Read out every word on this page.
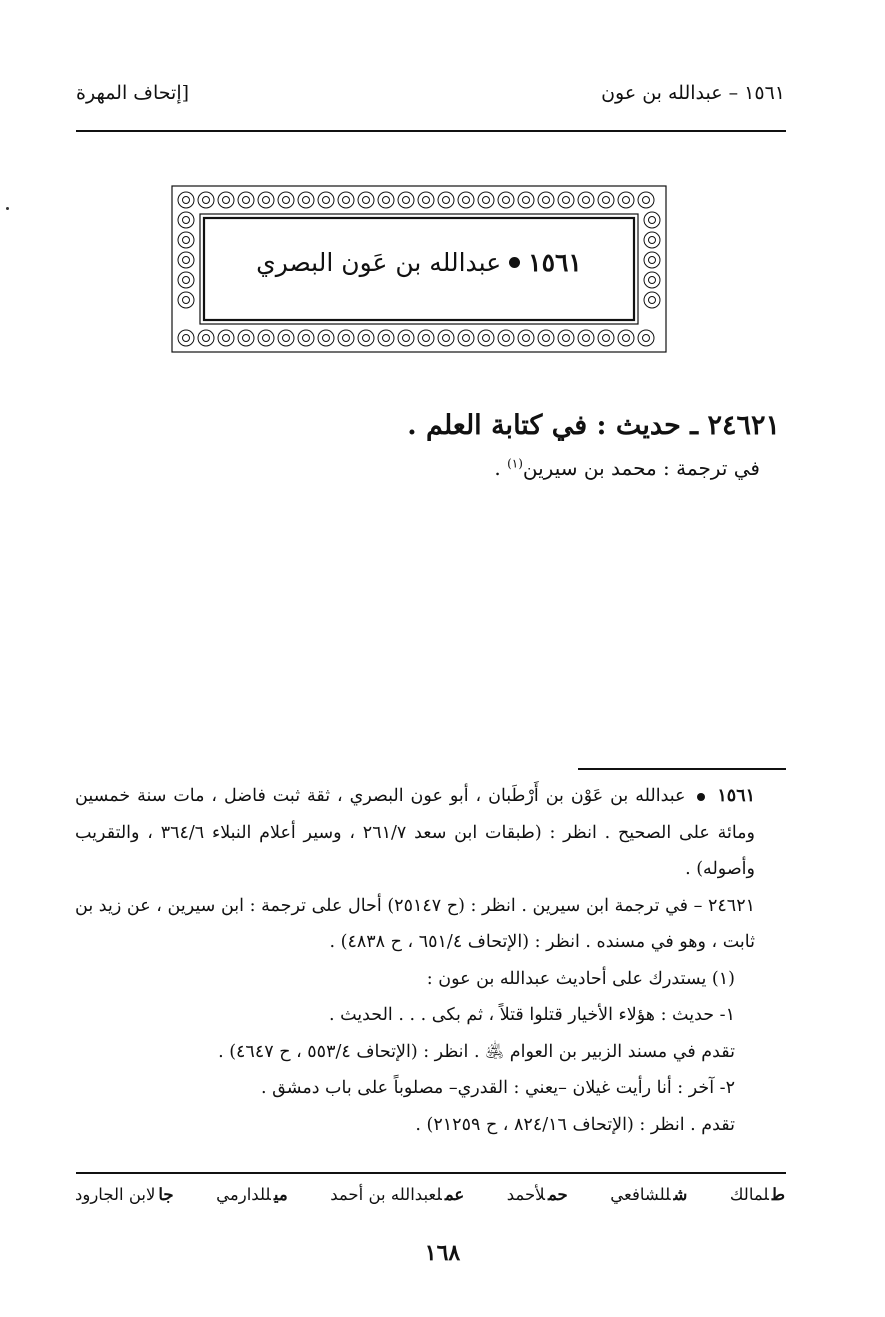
١٥٦١ – عبدالله بن عون
[إتحاف المهرة
١٥٦١
عبدالله بن عَون البصري
٢٤٦٢١ ـ حديث : في كتابة العلم .
في ترجمة : محمد بن سيرين$^{(١)}$ .

١٥٦١  عبدالله بن عَوْن بن أَرْطَبان ، أبو عون البصري ، ثقة ثبت فاضل ، مات سنة خمسين ومائة على الصحيح . انظر : (طبقات ابن سعد ٢٦١/٧ ، وسير أعلام النبلاء ٣٦٤/٦ ، والتقريب وأصوله) .

٢٤٦٢١ – في ترجمة ابن سيرين . انظر : (ح ٢٥١٤٧) أحال على ترجمة : ابن سيرين ، عن زيد بن ثابت ، وهو في مسنده . انظر : (الإتحاف ٦٥١/٤ ، ح ٤٨٣٨) .

(١) يستدرك على أحاديث عبدالله بن عون :

١- حديث : هؤلاء الأخيار قتلوا قتلاً ، ثم بكى . . . الحديث .

تقدم في مسند الزبير بن العوام ﵁ . انظر : (الإتحاف ٥٥٣/٤ ، ح ٤٦٤٧) .

٢- آخر : أنا رأيت غيلان –يعني : القدري– مصلوباً على باب دمشق .

تقدم . انظر : (الإتحاف ٨٢٤/١٦ ، ح ٢١٢٥٩) .

طلمالك
شللشافعي
حملأحمد
عملعبدالله بن أحمد
ميللدارمي
جالابن الجارود
١٦٨
